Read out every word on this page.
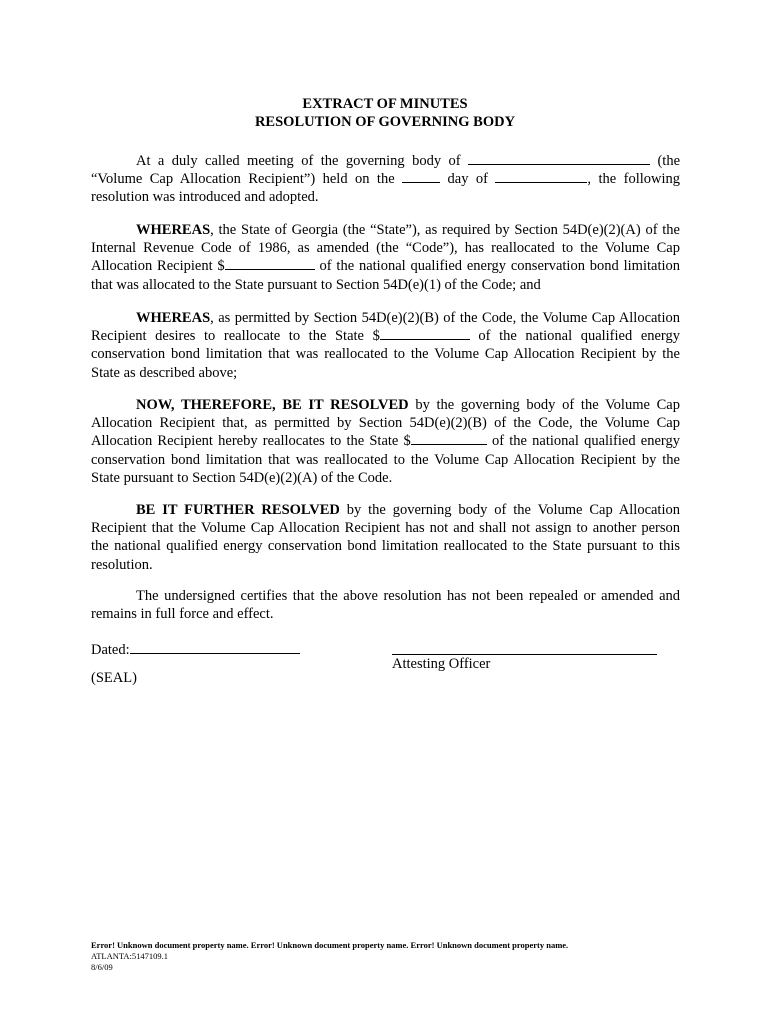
EXTRACT OF MINUTES
RESOLUTION OF GOVERNING BODY
At a duly called meeting of the governing body of	(the “Volume Cap Allocation Recipient”) held on the	day of	, the following resolution was introduced and adopted.
WHEREAS, the State of Georgia (the “State”), as required by Section 54D(e)(2)(A) of the Internal Revenue Code of 1986, as amended (the “Code”), has reallocated to the Volume Cap Allocation Recipient $	of the national qualified energy conservation bond limitation that was allocated to the State pursuant to Section 54D(e)(1) of the Code; and
WHEREAS, as permitted by Section 54D(e)(2)(B) of the Code, the Volume Cap Allocation Recipient desires to reallocate to the State $	of the national qualified energy conservation bond limitation that was reallocated to the Volume Cap Allocation Recipient by the State as described above;
NOW, THEREFORE, BE IT RESOLVED by the governing body of the Volume Cap Allocation Recipient that, as permitted by Section 54D(e)(2)(B) of the Code, the Volume Cap Allocation Recipient hereby reallocates to the State $	of the national qualified energy conservation bond limitation that was reallocated to the Volume Cap Allocation Recipient by the State pursuant to Section 54D(e)(2)(A) of the Code.
BE IT FURTHER RESOLVED by the governing body of the Volume Cap Allocation Recipient that the Volume Cap Allocation Recipient has not and shall not assign to another person the national qualified energy conservation bond limitation reallocated to the State pursuant to this resolution.
The undersigned certifies that the above resolution has not been repealed or amended and remains in full force and effect.
Dated:
Attesting Officer
(SEAL)
Error! Unknown document property name. Error! Unknown document property name. Error! Unknown document property name.
ATLANTA:5147109.1
8/6/09
